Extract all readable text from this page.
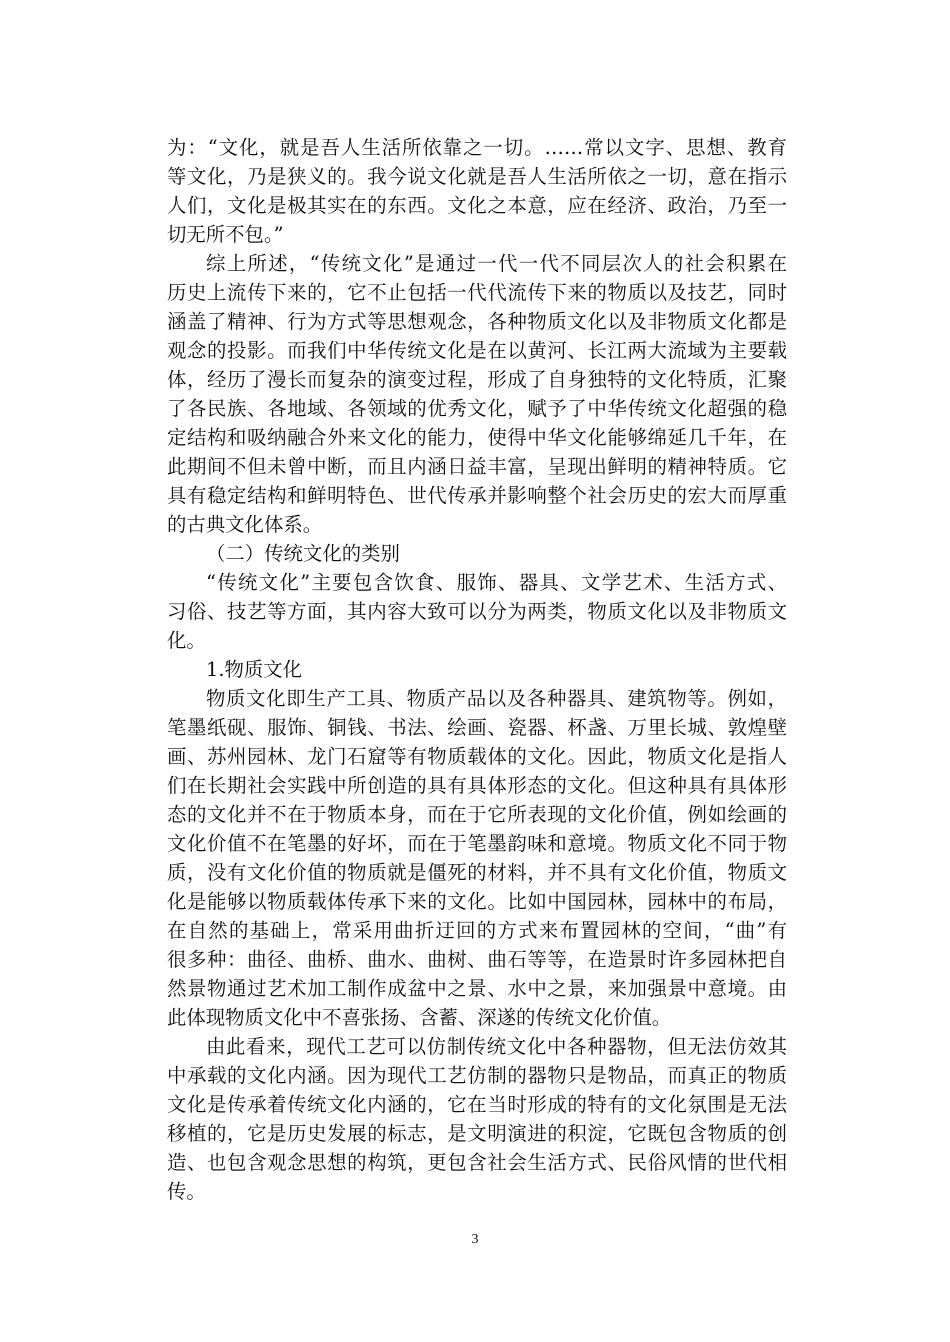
为：“文化，就是吾人生活所依靠之一切。……常以文字、思想、教育
等文化，乃是狭义的。我今说文化就是吾人生活所依之一切，意在指示
人们，文化是极其实在的东西。文化之本意，应在经济、政治，乃至一
切无所不包。”
综上所述，“传统文化”是通过一代一代不同层次人的社会积累在
历史上流传下来的，它不止包括一代代流传下来的物质以及技艺，同时
涵盖了精神、行为方式等思想观念，各种物质文化以及非物质文化都是
观念的投影。而我们中华传统文化是在以黄河、长江两大流域为主要载
体，经历了漫长而复杂的演变过程，形成了自身独特的文化特质，汇聚
了各民族、各地域、各领域的优秀文化，赋予了中华传统文化超强的稳
定结构和吸纳融合外来文化的能力，使得中华文化能够绵延几千年，在
此期间不但未曾中断，而且内涵日益丰富，呈现出鲜明的精神特质。它
具有稳定结构和鲜明特色、世代传承并影响整个社会历史的宏大而厚重
的古典文化体系。
（二）传统文化的类别
“传统文化”主要包含饮食、服饰、器具、文学艺术、生活方式、
习俗、技艺等方面，其内容大致可以分为两类，物质文化以及非物质文
化。
1.物质文化
物质文化即生产工具、物质产品以及各种器具、建筑物等。例如，
笔墨纸砚、服饰、铜钱、书法、绘画、瓷器、杯盏、万里长城、敦煌壁
画、苏州园林、龙门石窟等有物质载体的文化。因此，物质文化是指人
们在长期社会实践中所创造的具有具体形态的文化。但这种具有具体形
态的文化并不在于物质本身，而在于它所表现的文化价值，例如绘画的
文化价值不在笔墨的好坏，而在于笔墨韵味和意境。物质文化不同于物
质，没有文化价值的物质就是僵死的材料，并不具有文化价值，物质文
化是能够以物质载体传承下来的文化。比如中国园林，园林中的布局，
在自然的基础上，常采用曲折迂回的方式来布置园林的空间，“曲”有
很多种：曲径、曲桥、曲水、曲树、曲石等等，在造景时许多园林把自
然景物通过艺术加工制作成盆中之景、水中之景，来加强景中意境。由
此体现物质文化中不喜张扬、含蓄、深遂的传统文化价值。
由此看来，现代工艺可以仿制传统文化中各种器物，但无法仿效其
中承载的文化内涵。因为现代工艺仿制的器物只是物品，而真正的物质
文化是传承着传统文化内涵的，它在当时形成的特有的文化氛围是无法
移植的，它是历史发展的标志，是文明演进的积淀，它既包含物质的创
造、也包含观念思想的构筑，更包含社会生活方式、民俗风情的世代相
传。
3
